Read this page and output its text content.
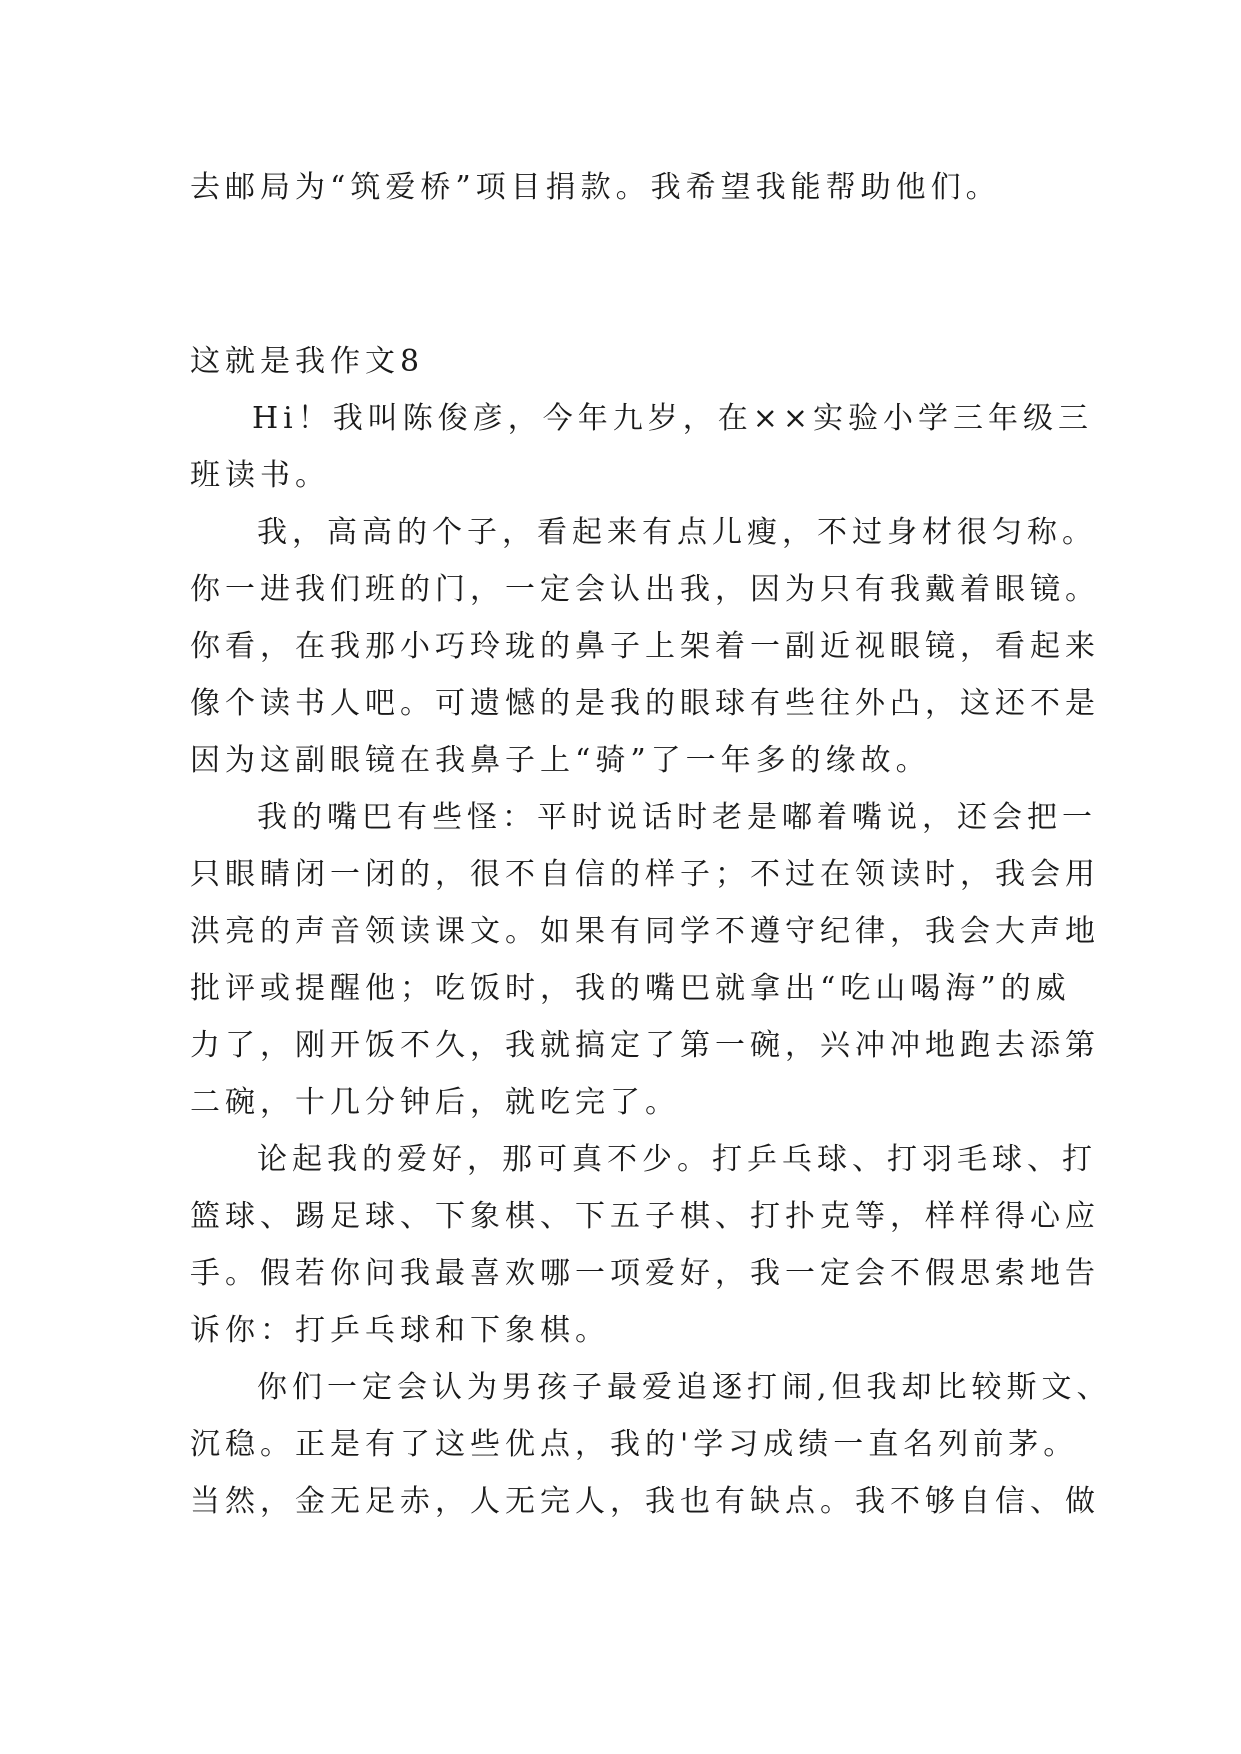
去邮局为“筑爱桥”项目捐款。我希望我能帮助他们。

这就是我作文8

Hi！我叫陈俊彦，今年九岁，在××实验小学三年级三

班读书。

我，高高的个子，看起来有点儿瘦，不过身材很匀称。

你一进我们班的门，一定会认出我，因为只有我戴着眼镜。

你看，在我那小巧玲珑的鼻子上架着一副近视眼镜，看起来

像个读书人吧。可遗憾的是我的眼球有些往外凸，这还不是

因为这副眼镜在我鼻子上“骑”了一年多的缘故。

我的嘴巴有些怪：平时说话时老是嘟着嘴说，还会把一

只眼睛闭一闭的，很不自信的样子；不过在领读时，我会用

洪亮的声音领读课文。如果有同学不遵守纪律，我会大声地

批评或提醒他；吃饭时，我的嘴巴就拿出“吃山喝海”的威

力了，刚开饭不久，我就搞定了第一碗，兴冲冲地跑去添第

二碗，十几分钟后，就吃完了。

论起我的爱好，那可真不少。打乒乓球、打羽毛球、打

篮球、踢足球、下象棋、下五子棋、打扑克等，样样得心应

手。假若你问我最喜欢哪一项爱好，我一定会不假思索地告

诉你：打乒乓球和下象棋。

你们一定会认为男孩子最爱追逐打闹,但我却比较斯文、

沉稳。正是有了这些优点，我的'学习成绩一直名列前茅。

当然，金无足赤，人无完人，我也有缺点。我不够自信、做
